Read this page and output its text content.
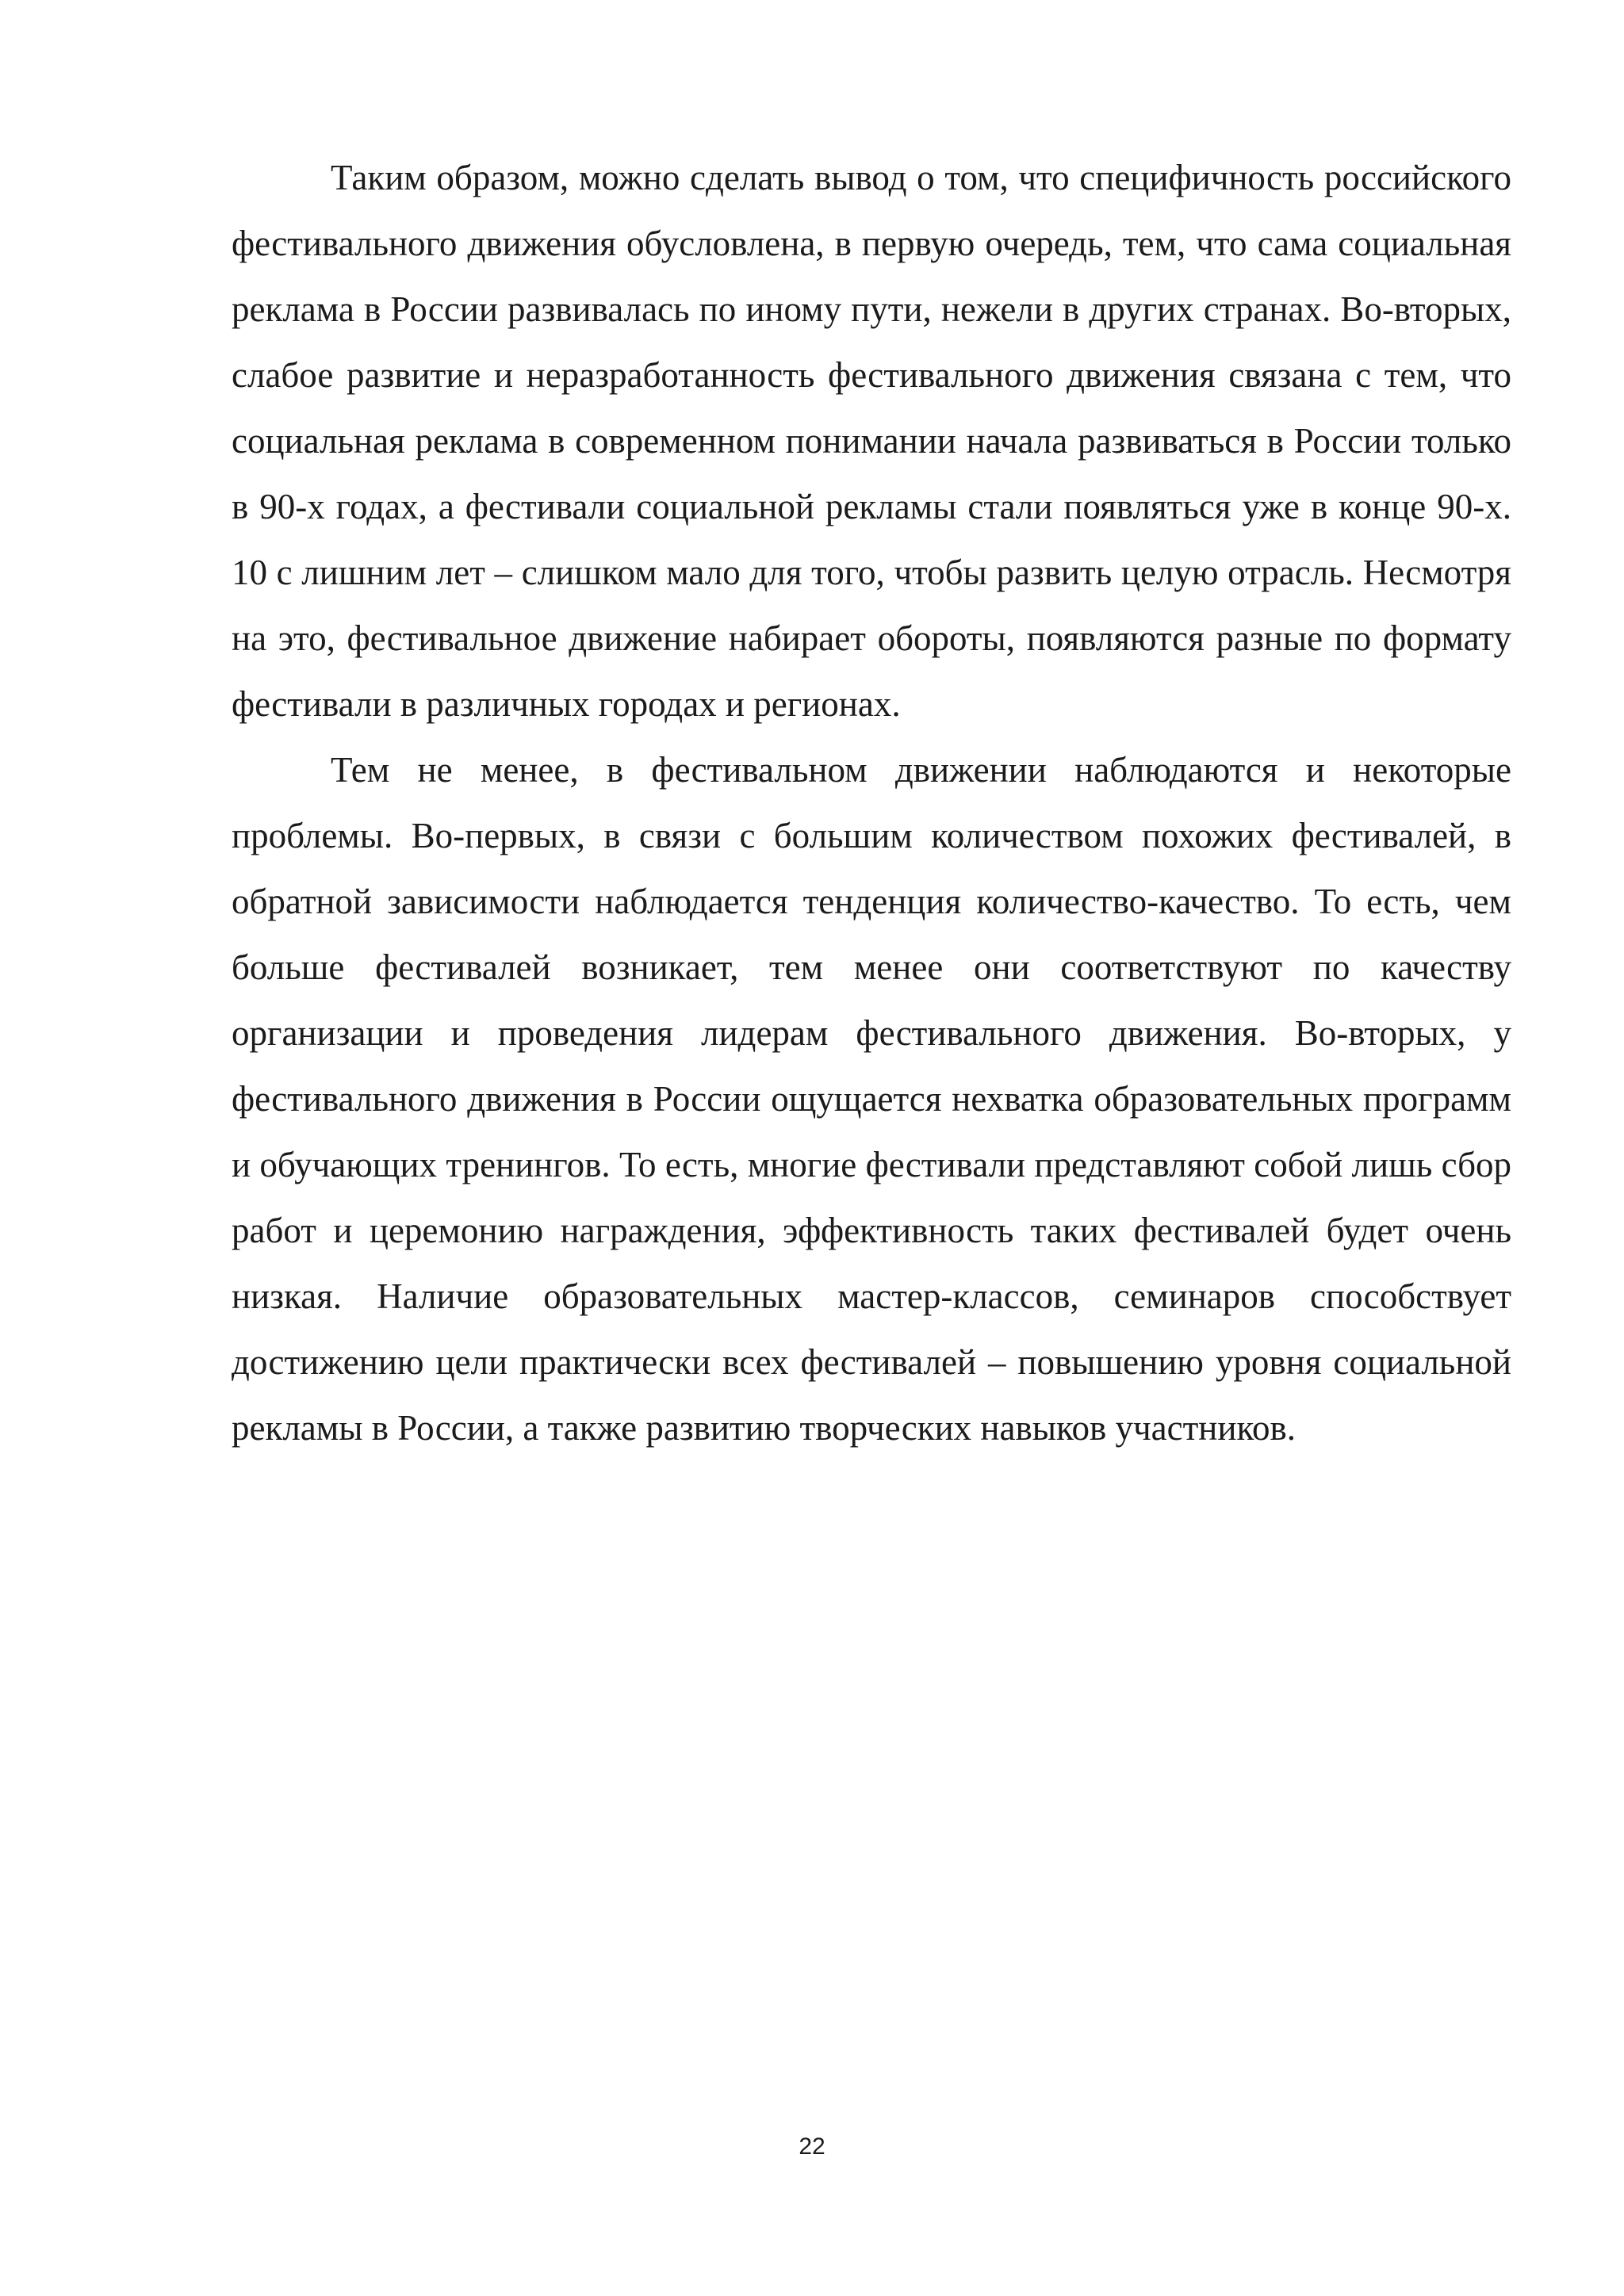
Таким образом, можно сделать вывод о том, что специфичность российского фестивального движения обусловлена, в первую очередь, тем, что сама социальная реклама в России развивалась по иному пути, нежели в других странах. Во-вторых, слабое развитие и неразработанность фестивального движения связана с тем, что социальная реклама в современном понимании начала развиваться в России только в 90-х годах, а фестивали социальной рекламы стали появляться уже в конце 90-х. 10 с лишним лет – слишком мало для того, чтобы развить целую отрасль. Несмотря на это, фестивальное движение набирает обороты, появляются разные по формату фестивали в различных городах и регионах.

Тем не менее, в фестивальном движении наблюдаются и некоторые проблемы. Во-первых, в связи с большим количеством похожих фестивалей, в обратной зависимости наблюдается тенденция количество-качество. То есть, чем больше фестивалей возникает, тем менее они соответствуют по качеству организации и проведения лидерам фестивального движения. Во-вторых, у фестивального движения в России ощущается нехватка образовательных программ и обучающих тренингов. То есть, многие фестивали представляют собой лишь сбор работ и церемонию награждения, эффективность таких фестивалей будет очень низкая. Наличие образовательных мастер-классов, семинаров способствует достижению цели практически всех фестивалей – повышению уровня социальной рекламы в России, а также развитию творческих навыков участников.

22
